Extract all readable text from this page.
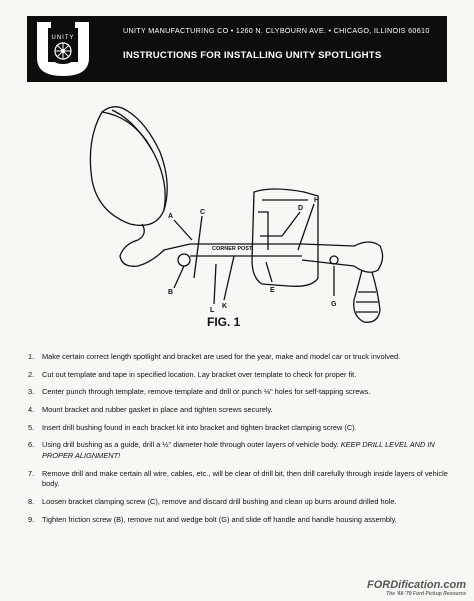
UNITY
UNITY MANUFACTURING CO • 1260 N. CLYBOURN AVE. • CHICAGO, ILLINOIS 60610
INSTRUCTIONS FOR INSTALLING UNITY SPOTLIGHTS
A
B
C
D
E
G
H
K
L
CORNER POST
FIG. 1
1. Make certain correct length spotlight and bracket are used for the year, make and model car or truck involved.
2. Cut out template and tape in specified location. Lay bracket over template to check for proper fit.
3. Center punch through template, remove template and drill or punch ⅛" holes for self-tapping screws.
4. Mount bracket and rubber gasket in place and tighten screws securely.
5. Insert drill bushing found in each bracket kit into bracket and tighten bracket clamping screw (C).
6. Using drill bushing as a guide, drill a ½" diameter hole through outer layers of vehicle body. KEEP DRILL LEVEL AND IN PROPER ALIGNMENT!
7. Remove drill and make certain all wire, cables, etc., will be clear of drill bit, then drill carefully through inside layers of vehicle body.
8. Loosen bracket clamping screw (C), remove and discard drill bushing and clean up burrs around drilled hole.
9. Tighten friction screw (B), remove nut and wedge bolt (G) and slide off handle and handle housing assembly.
FORDification.com
The '48-'79 Ford Pickup Resource
